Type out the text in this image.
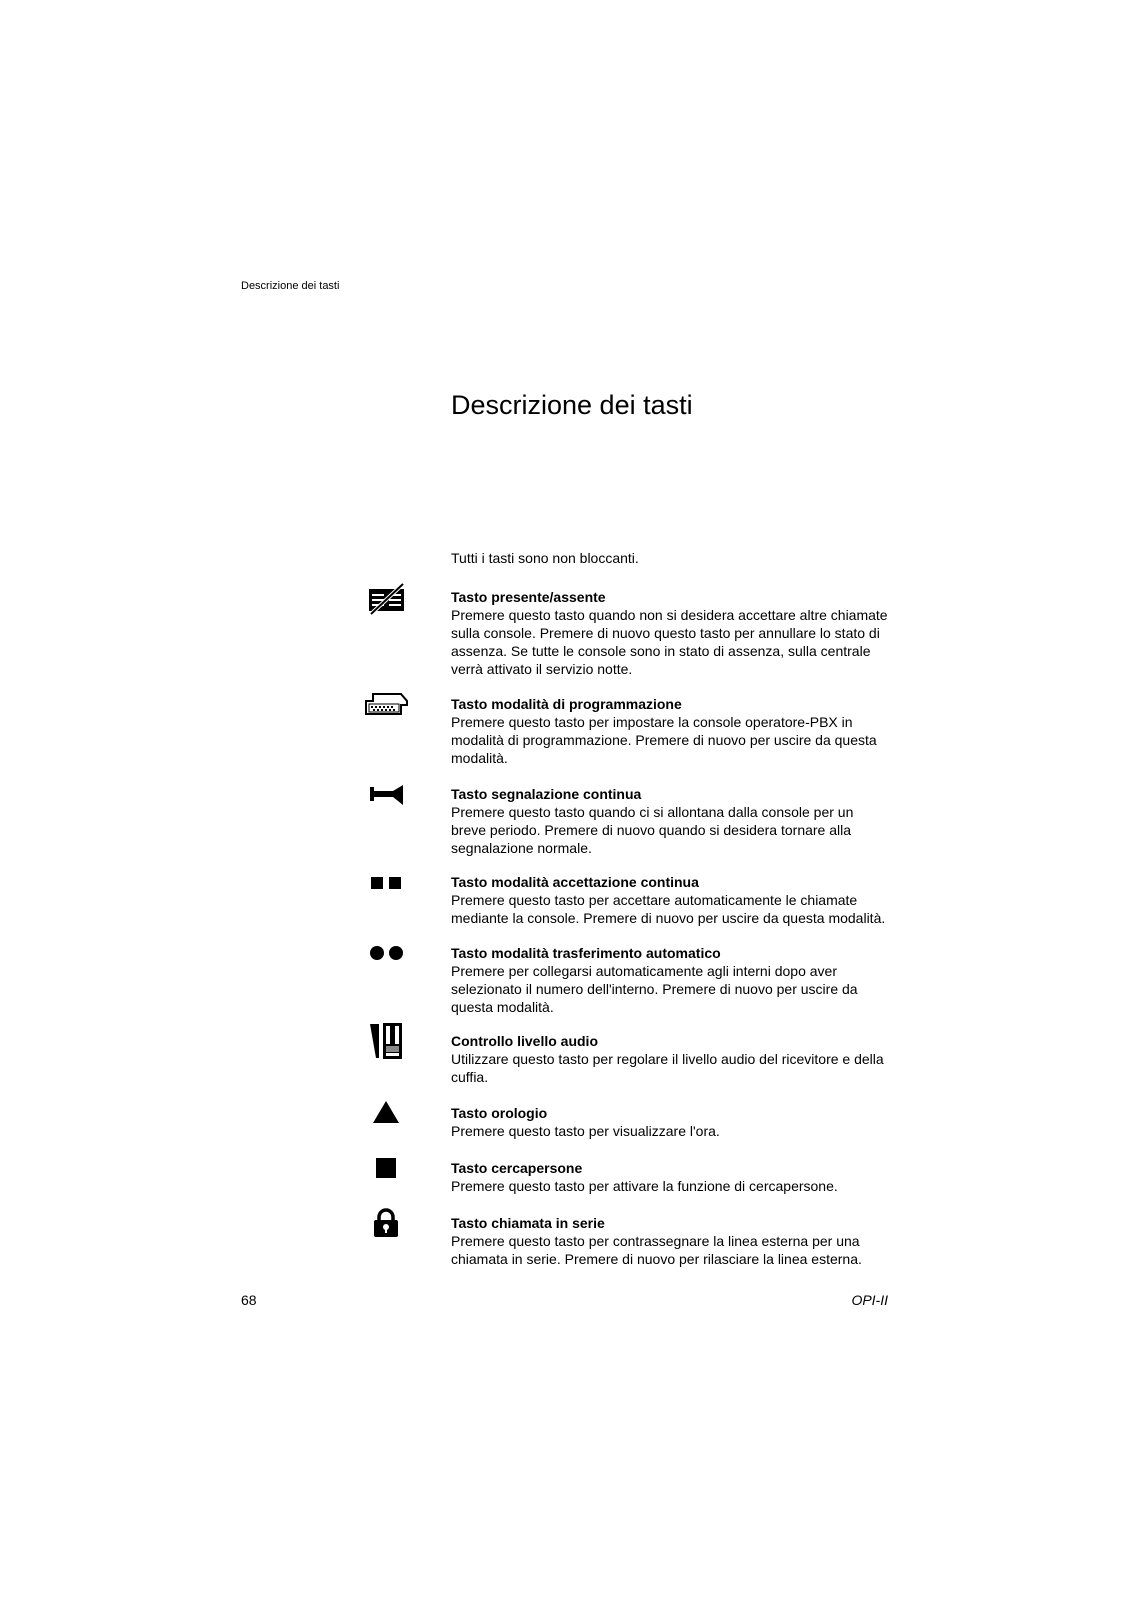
Descrizione dei tasti
Descrizione dei tasti
Tutti i tasti sono non bloccanti.
Tasto presente/assente
Premere questo tasto quando non si desidera accettare altre chiamate
sulla console. Premere di nuovo questo tasto per annullare lo stato di
assenza. Se tutte le console sono in stato di assenza, sulla centrale
verrà attivato il servizio notte.
Tasto modalità di programmazione
Premere questo tasto per impostare la console operatore-PBX in
modalità di programmazione. Premere di nuovo per uscire da questa
modalità.
Tasto segnalazione continua
Premere questo tasto quando ci si allontana dalla console per un
breve periodo. Premere di nuovo quando si desidera tornare alla
segnalazione normale.
Tasto modalità accettazione continua
Premere questo tasto per accettare automaticamente le chiamate
mediante la console. Premere di nuovo per uscire da questa modalità.
Tasto modalità trasferimento automatico
Premere per collegarsi automaticamente agli interni dopo aver
selezionato il numero dell'interno. Premere di nuovo per uscire da
questa modalità.
Controllo livello audio
Utilizzare questo tasto per regolare il livello audio del ricevitore e della
cuffia.
Tasto orologio
Premere questo tasto per visualizzare l'ora.
Tasto cercapersone
Premere questo tasto per attivare la funzione di cercapersone.
Tasto chiamata in serie
Premere questo tasto per contrassegnare la linea esterna per una
chiamata in serie. Premere di nuovo per rilasciare la linea esterna.
68	OPI-II
